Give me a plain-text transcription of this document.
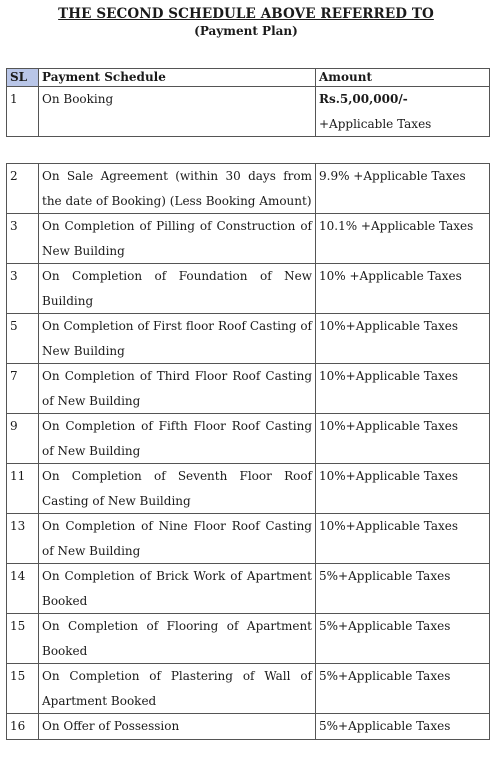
THE SECOND SCHEDULE ABOVE REFERRED TO
(Payment Plan)
SL	Payment Schedule	Amount
1	On Booking	Rs.5,00,000/-
+Applicable Taxes

2	On Sale Agreement (within 30 days from the date of Booking) (Less Booking Amount)	9.9% +Applicable Taxes
3	On Completion of Pilling of Construction of New Building	10.1% +Applicable Taxes
3	On Completion of Foundation of New Building	10% +Applicable Taxes
5	On Completion of First floor Roof Casting of New Building	10%+Applicable Taxes
7	On Completion of Third Floor Roof Casting of New Building	10%+Applicable Taxes
9	On Completion of Fifth Floor Roof Casting of New Building	10%+Applicable Taxes
11	On Completion of Seventh Floor Roof Casting of New Building	10%+Applicable Taxes
13	On Completion of Nine Floor Roof Casting of New Building	10%+Applicable Taxes
14	On Completion of Brick Work of Apartment Booked	5%+Applicable Taxes
15	On Completion of Flooring of Apartment Booked	5%+Applicable Taxes
15	On Completion of Plastering of Wall of Apartment Booked	5%+Applicable Taxes
16	On Offer of Possession	5%+Applicable Taxes
